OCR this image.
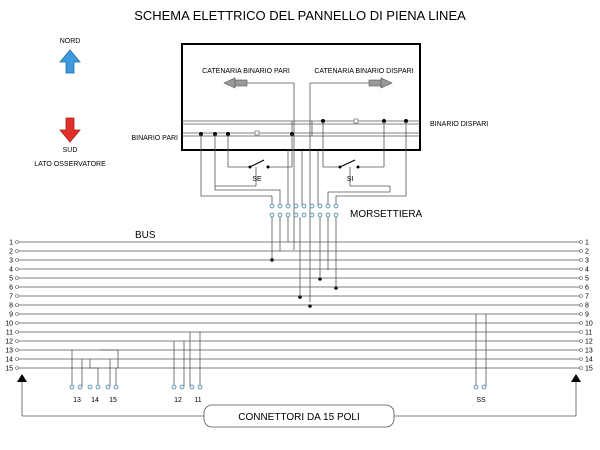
SCHEMA ELETTRICO DEL PANNELLO DI PIENA LINEA
NORD
SUD
LATO OSSERVATORE
CATENARIA BINARIO PARI	CATENARIA BINARIO DISPARI
BINARIO PARI
BINARIO DISPARI
SE	SI
MORSETTIERA
BUS
1
2
3
4
5
6
7
8
9
10
11
12
13
14
15
1
2
3
4
5
6
7
8
9
10
11
12
13
14
15
13 14 15	12 11	SS
CONNETTORI DA 15 POLI
